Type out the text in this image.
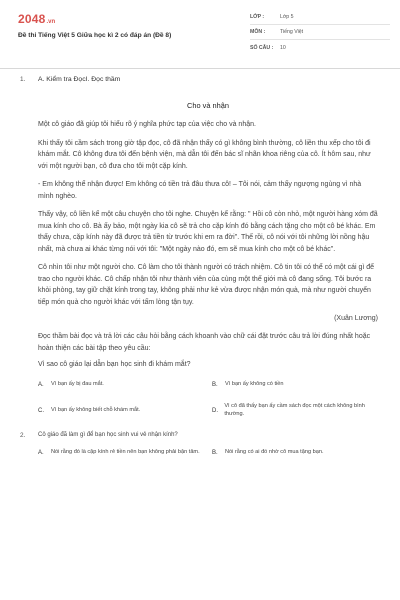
2048 .vn
Đề thi Tiếng Việt 5 Giữa học kì 2 có đáp án (Đề 8)
LỚP :	Lớp 5
MÔN :	Tiếng Việt
SỐ CÂU :	10
1.	A. Kiểm tra ĐọcI. Đọc thầm
Cho và nhận

Một cô giáo đã giúp tôi hiểu rõ ý nghĩa phức tạp của việc cho và nhận.

Khi thấy tôi cầm sách trong giờ tập đọc, cô đã nhận thấy có gì không bình thường, cô liền thu xếp cho tôi đi khám mắt. Cô không đưa tôi đến bệnh viện, mà dẫn tôi đến bác sĩ nhãn khoa riêng của cô. Ít hôm sau, như với một người bạn, cô đưa cho tôi một cặp kính.

- Em không thể nhận được! Em không có tiền trả đâu thưa cô! – Tôi nói, cảm thấy ngượng ngùng vì nhà mình nghèo.

Thấy vậy, cô liền kể một câu chuyện cho tôi nghe. Chuyện kể rằng: " Hồi cô còn nhỏ, một người hàng xóm đã mua kính cho cô. Bà ấy bảo, một ngày kia cô sẽ trả cho cặp kính đó bằng cách tặng cho một cô bé khác. Em thấy chưa, cặp kính này đã được trả tiền từ trước khi em ra đời". Thế rồi, cô nói với tôi những lời nồng hậu nhất, mà chưa ai khác từng nói với tôi: "Một ngày nào đó, em sẽ mua kính cho một cô bé khác".

Cô nhìn tôi như một người cho. Cô làm cho tôi thành người có trách nhiệm. Cô tin tôi có thể có một cái gì để trao cho người khác. Cô chấp nhận tôi như thành viên của cùng một thế giới mà cô đang sống. Tôi bước ra khỏi phòng, tay giữ chặt kính trong tay, không phải như kẻ vừa được nhận món quà, mà như người chuyển tiếp món quà cho người khác với tấm lòng tận tụy.

(Xuân Lương)

Đọc thầm bài đọc và trả lời các câu hỏi bằng cách khoanh vào chữ cái đặt trước câu trả lời đúng nhất hoặc hoàn thiện các bài tập theo yêu cầu:

Vì sao cô giáo lại dẫn bạn học sinh đi khám mắt?
A.	Vì bạn ấy bị đau mắt.	B.	Vì bạn ấy không có tiền
C.	Vì bạn ấy không biết chỗ khám mắt.	D.
Vì cô đã thấy bạn ấy cầm sách đọc một cách không bình thường.
2.	Cô giáo đã làm gì để bạn học sinh vui vẻ nhận kính?
A.	Nói rằng đó là cặp kính rẻ tiền nên bạn không phải bận tâm. B.	Nói rằng có ai đó nhờ cô mua tặng bạn.
